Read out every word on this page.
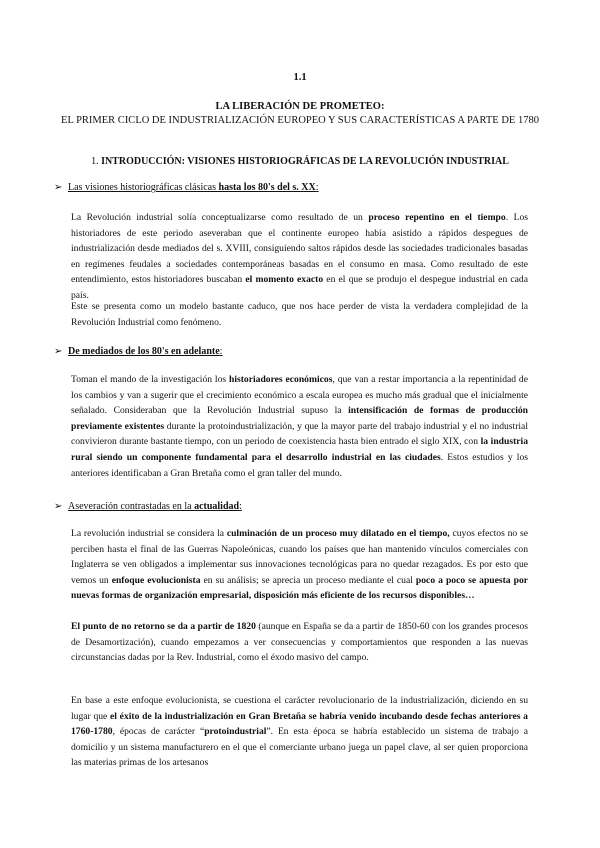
1.1
LA LIBERACIÓN DE PROMETEO:
EL PRIMER CICLO DE INDUSTRIALIZACIÓN EUROPEO Y SUS CARACTERÍSTICAS A PARTE DE 1780
1. INTRODUCCIÓN: VISIONES HISTORIOGRÁFICAS DE LA REVOLUCIÓN INDUSTRIAL
➢ Las visiones historiográficas clásicas hasta los 80's del s. XX:
La Revolución industrial solía conceptualizarse como resultado de un proceso repentino en el tiempo. Los historiadores de este periodo aseveraban que el continente europeo había asistido a rápidos despegues de industrialización desde mediados del s. XVIII, consiguiendo saltos rápidos desde las sociedades tradicionales basadas en regímenes feudales a sociedades contemporáneas basadas en el consumo en masa. Como resultado de este entendimiento, estos historiadores buscaban el momento exacto en el que se produjo el despegue industrial en cada país.
Este se presenta como un modelo bastante caduco, que nos hace perder de vista la verdadera complejidad de la Revolución Industrial como fenómeno.
➢ De mediados de los 80's en adelante:
Toman el mando de la investigación los historiadores económicos, que van a restar importancia a la repentinidad de los cambios y van a sugerir que el crecimiento económico a escala europea es mucho más gradual que el inicialmente señalado. Consideraban que la Revolución Industrial supuso la intensificación de formas de producción previamente existentes durante la protoindustrialización, y que la mayor parte del trabajo industrial y el no industrial convivieron durante bastante tiempo, con un periodo de coexistencia hasta bien entrado el siglo XIX, con la industria rural siendo un componente fundamental para el desarrollo industrial en las ciudades. Estos estudios y los anteriores identificaban a Gran Bretaña como el gran taller del mundo.
➢ Aseveración contrastadas en la actualidad:
La revolución industrial se considera la culminación de un proceso muy dilatado en el tiempo, cuyos efectos no se perciben hasta el final de las Guerras Napoleónicas, cuando los países que han mantenido vínculos comerciales con Inglaterra se ven obligados a implementar sus innovaciones tecnológicas para no quedar rezagados. Es por esto que vemos un enfoque evolucionista en su análisis; se aprecia un proceso mediante el cual poco a poco se apuesta por nuevas formas de organización empresarial, disposición más eficiente de los recursos disponibles…
El punto de no retorno se da a partir de 1820 (aunque en España se da a partir de 1850-60 con los grandes procesos de Desamortización), cuando empezamos a ver consecuencias y comportamientos que responden a las nuevas circunstancias dadas por la Rev. Industrial, como el éxodo masivo del campo.
En base a este enfoque evolucionista, se cuestiona el carácter revolucionario de la industrialización, diciendo en su lugar que el éxito de la industrialización en Gran Bretaña se habría venido incubando desde fechas anteriores a 1760-1780, épocas de carácter “protoindustrial”. En esta época se habría establecido un sistema de trabajo a domicilio y un sistema manufacturero en el que el comerciante urbano juega un papel clave, al ser quien proporciona las materias primas de los artesanos
